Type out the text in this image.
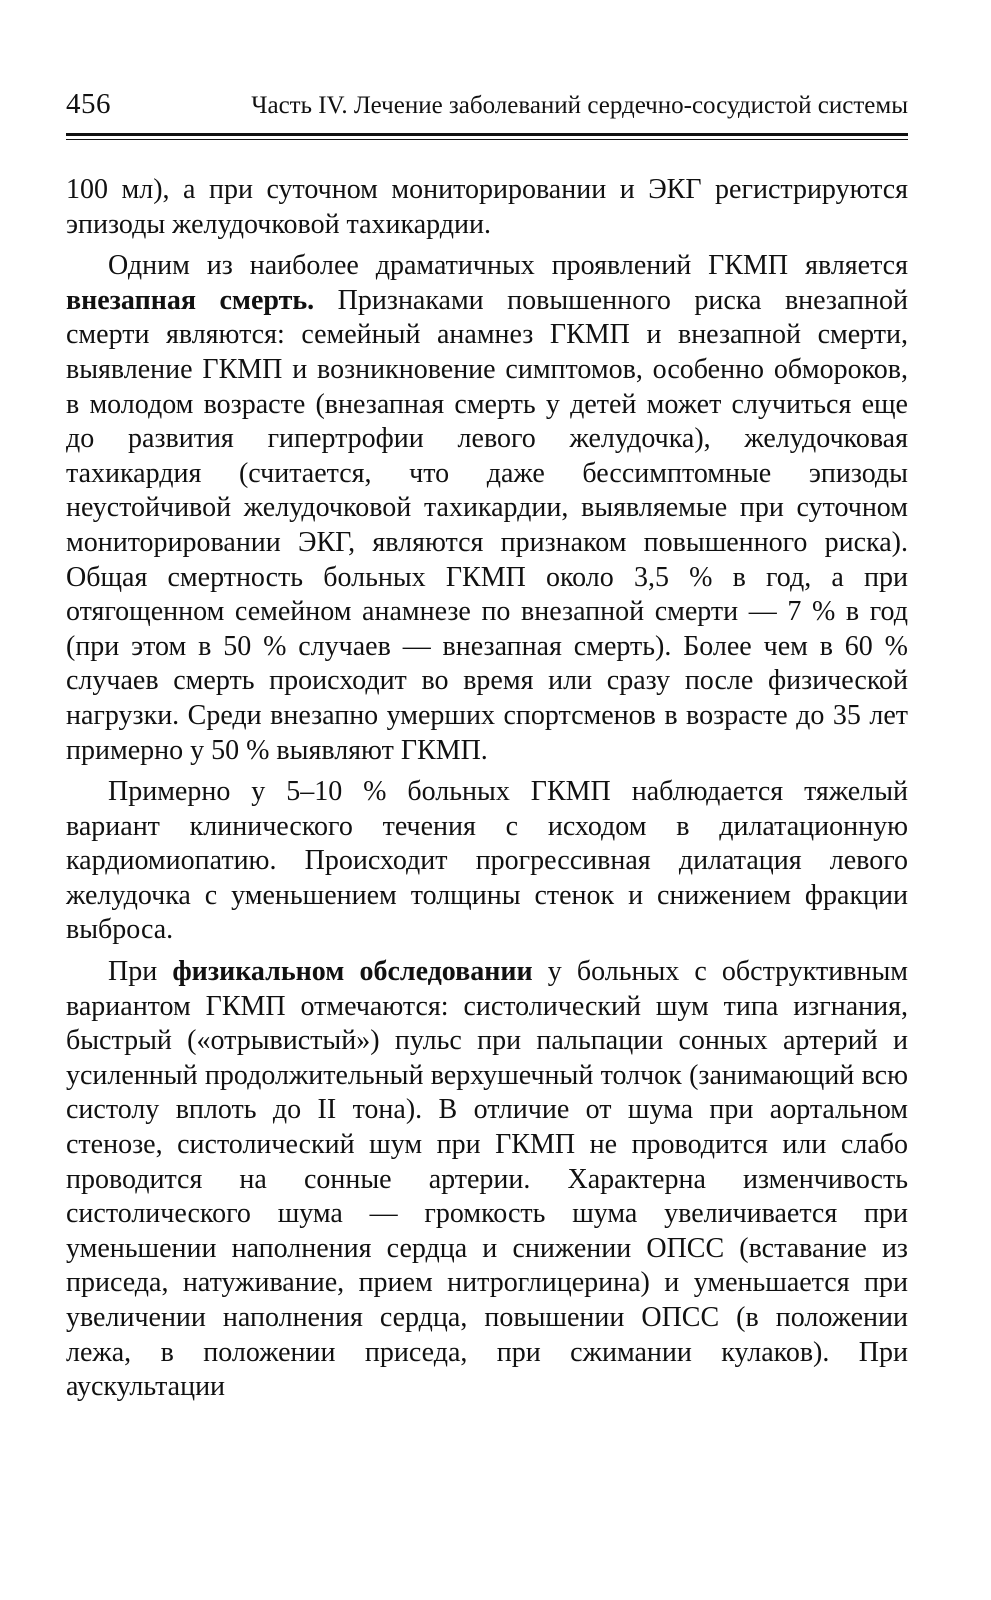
456	Часть IV. Лечение заболеваний сердечно-сосудистой системы

100 мл), а при суточном мониторировании и ЭКГ регистрируются эпизоды желудочковой тахикардии.

Одним из наиболее драматичных проявлений ГКМП является внезапная смерть. Признаками повышенного риска внезапной смерти являются: семейный анамнез ГКМП и внезапной смерти, выявление ГКМП и возникновение симптомов, особенно обмороков, в молодом возрасте (внезапная смерть у детей может случиться еще до развития гипертрофии левого желудочка), желудочковая тахикардия (считается, что даже бессимптомные эпизоды неустойчивой желудочковой тахикардии, выявляемые при суточном мониторировании ЭКГ, являются признаком повышенного риска). Общая смертность больных ГКМП около 3,5 % в год, а при отягощенном семейном анамнезе по внезапной смерти — 7 % в год (при этом в 50 % случаев — внезапная смерть). Более чем в 60 % случаев смерть происходит во время или сразу после физической нагрузки. Среди внезапно умерших спортсменов в возрасте до 35 лет примерно у 50 % выявляют ГКМП.

Примерно у 5–10 % больных ГКМП наблюдается тяжелый вариант клинического течения с исходом в дилатационную кардиомиопатию. Происходит прогрессивная дилатация левого желудочка с уменьшением толщины стенок и снижением фракции выброса.

При физикальном обследовании у больных с обструктивным вариантом ГКМП отмечаются: систолический шум типа изгнания, быстрый («отрывистый») пульс при пальпации сонных артерий и усиленный продолжительный верхушечный толчок (занимающий всю систолу вплоть до II тона). В отличие от шума при аортальном стенозе, систолический шум при ГКМП не проводится или слабо проводится на сонные артерии. Характерна изменчивость систолического шума — громкость шума увеличивается при уменьшении наполнения сердца и снижении ОПСС (вставание из приседа, натуживание, прием нитроглицерина) и уменьшается при увеличении наполнения сердца, повышении ОПСС (в положении лежа, в положении приседа, при сжимании кулаков). При аускультации
